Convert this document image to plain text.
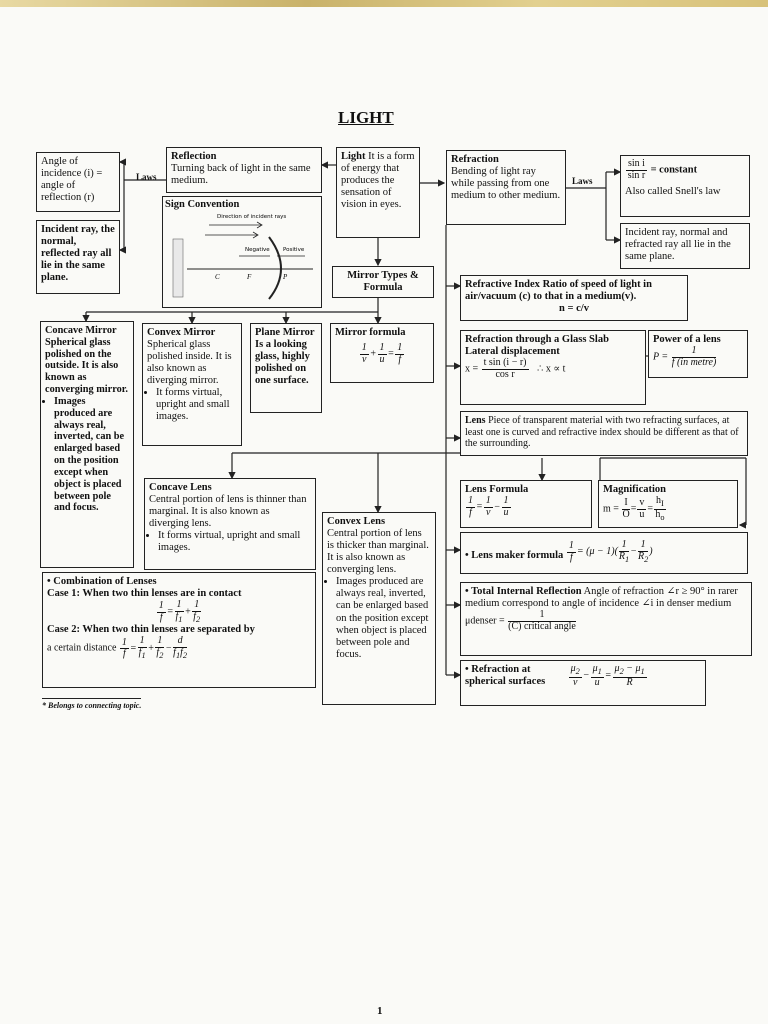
LIGHT
Laws	Laws
Angle of incidence (i) = angle of reflection (r)
Incident ray, the normal, reflected ray all lie in the same plane.
Reflection
Turning back of light in the same medium.
Sign Convention
Direction of incident rays
Negative Positive
C	F	P
Light It is a form of energy that produces the sensation of vision in eyes.
Mirror Types & Formula
Refraction
Bending of light ray while passing from one medium to other medium.
$\frac{\text{sin i}}{\text{sin r}}$ = constant
Also called Snell's law
Incident ray, normal and refracted ray all lie in the same plane.
Refractive Index Ratio of speed of light in air/vacuum (c) to that in a medium(v).
n = c/v
Concave Mirror
Spherical glass polished on the outside. It is also known as converging mirror.
• Images produced are always real, inverted, can be enlarged based on the position except when object is placed between pole and focus.
Convex Mirror
Spherical glass polished inside. It is also known as diverging mirror.
• It forms virtual, upright and small images.
Plane Mirror
Is a looking glass, highly polished on one surface.
Mirror formula
$\frac{1}{v} + \frac{1}{u} = \frac{1}{f}$
Refraction through a Glass Slab
Lateral displacement
$x = \frac{\text{t sin (i − r)}}{\text{cos r}}$ ∴ x ∝ t
Power of a lens
$P = \frac{1}{\text{f (in metre)}}$
Lens Piece of transparent material with two refracting surfaces, at least one is curved and refractive index should be different as that of the surrounding.
Concave Lens
Central portion of lens is thinner than marginal. It is also known as diverging lens.
• It forms virtual, upright and small images.
Convex Lens
Central portion of lens is thicker than marginal. It is also known as converging lens.
• Images produced are always real, inverted, can be enlarged based on the position except when object is placed between pole and focus.
Lens Formula
$\frac{1}{f} = \frac{1}{v} - \frac{1}{u}$
Magnification
$m = \frac{I}{O} = \frac{v}{u} = \frac{h_I}{h_o}$
• Lens maker formula $\frac{1}{f} = (\mu - 1)( \frac{1}{R_1} - \frac{1}{R_2}$ )
• Combination of Lenses
Case 1: When two thin lenses are in contact
$\frac{1}{f} = \frac{1}{f_1} + \frac{1}{f_2}$
Case 2: When two thin lenses are separated by
a certain distance $\frac{1}{f} = \frac{1}{f_1} + \frac{1}{f_2} - \frac{d}{f_1f_2}$
• Total Internal Reflection Angle of refraction ∠r ≥ 90° in rarer medium correspond to angle of incidence ∠i in denser medium
μdenser = $\frac{1}{\text{(C) critical angle}}$
• Refraction at spherical surfaces $\frac{\mu_2}{v} - \frac{\mu_1}{u} = \frac{\mu_2 - \mu_1}{R}$
* Belongs to connecting topic.
1
